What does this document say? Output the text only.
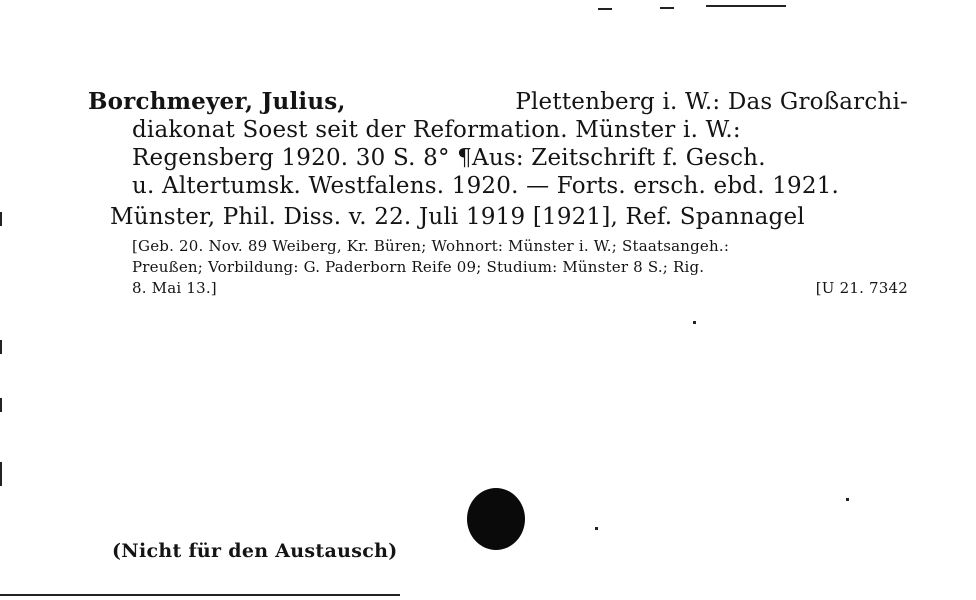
Borchmeyer, Julius,	Plettenberg i. W.: Das Großarchi-
diakonat Soest seit der Reformation. Münster i. W.:
Regensberg 1920. 30 S. 8° ¶Aus: Zeitschrift f. Gesch.
u. Altertumsk. Westfalens. 1920. — Forts. ersch. ebd. 1921.
Münster, Phil. Diss. v. 22. Juli 1919 [1921], Ref. Spannagel
[Geb. 20. Nov. 89 Weiberg, Kr. Büren; Wohnort: Münster i. W.; Staatsangeh.:
Preußen; Vorbildung: G. Paderborn Reife 09; Studium: Münster 8 S.; Rig.
8. Mai 13.]	[U 21. 7342
(Nicht für den Austausch)
